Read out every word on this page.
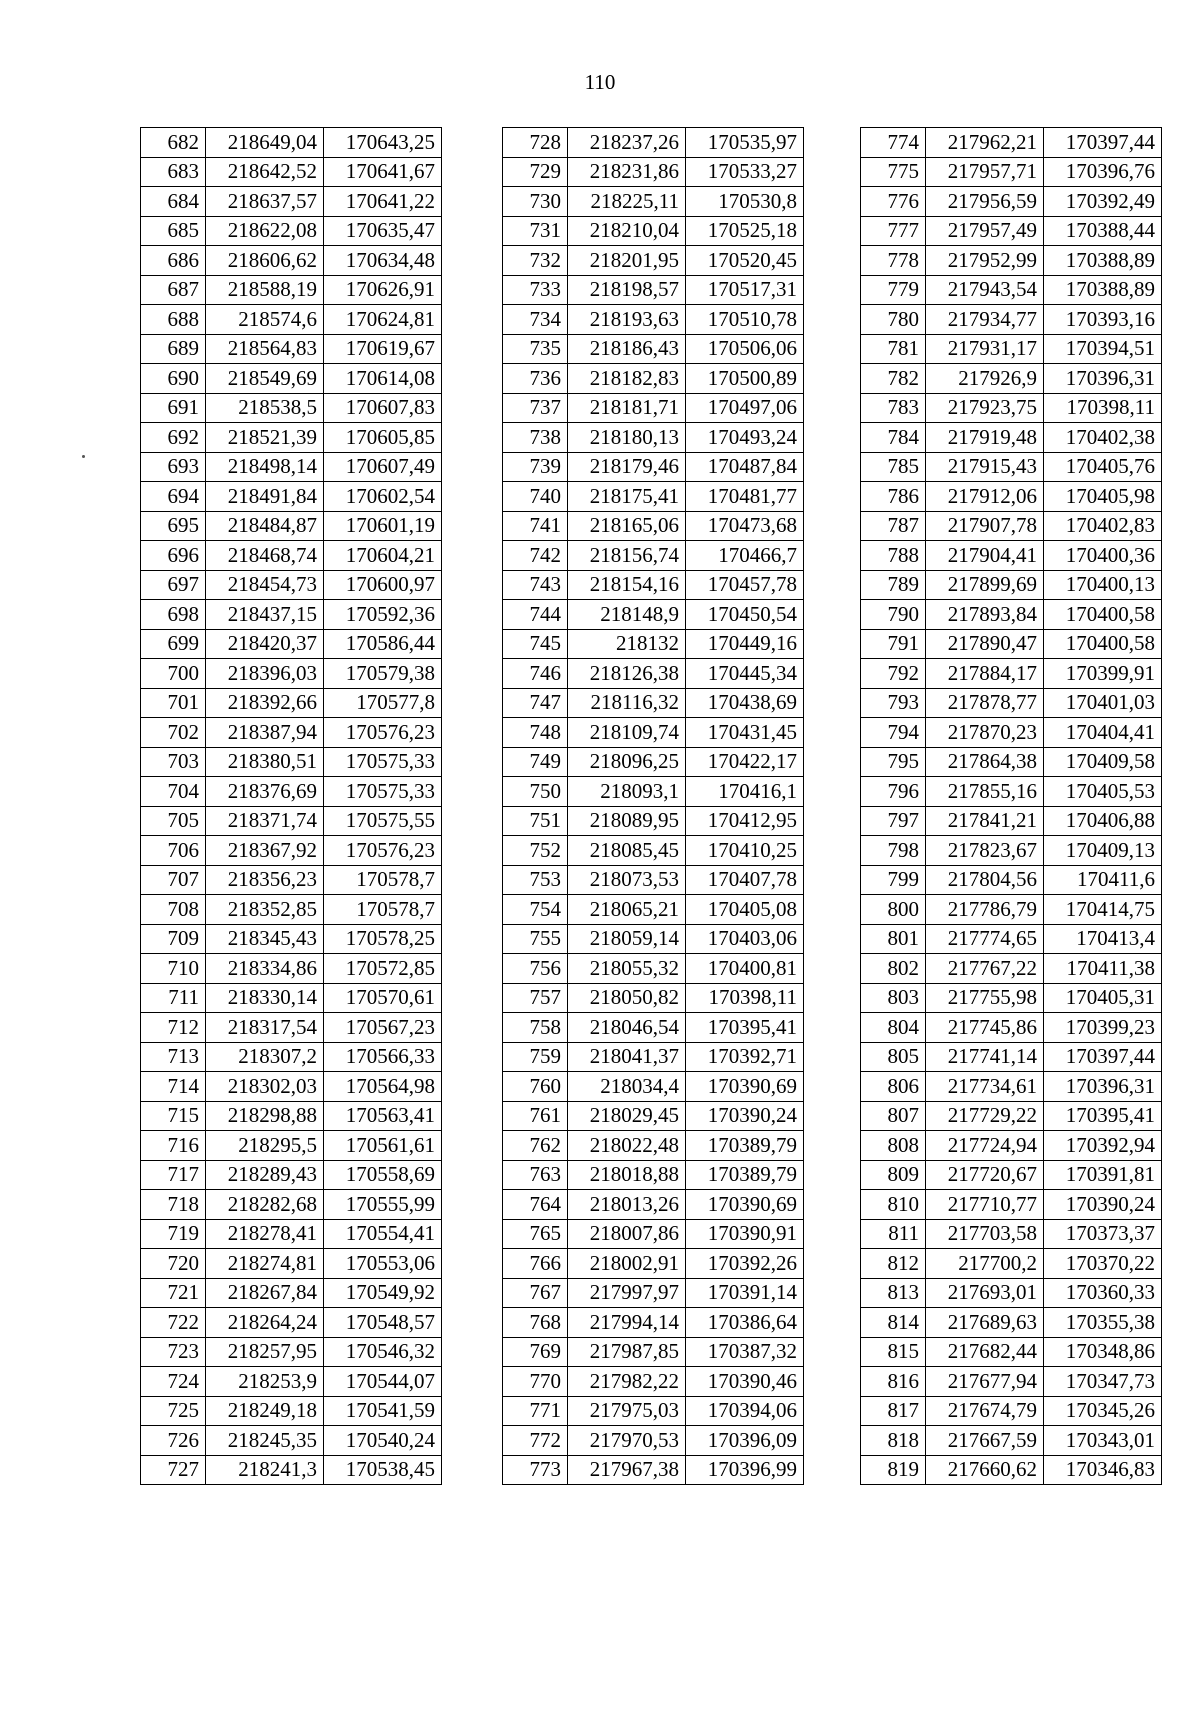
110
682	218649,04	170643,25
683	218642,52	170641,67
684	218637,57	170641,22
685	218622,08	170635,47
686	218606,62	170634,48
687	218588,19	170626,91
688	218574,6	170624,81
689	218564,83	170619,67
690	218549,69	170614,08
691	218538,5	170607,83
692	218521,39	170605,85
693	218498,14	170607,49
694	218491,84	170602,54
695	218484,87	170601,19
696	218468,74	170604,21
697	218454,73	170600,97
698	218437,15	170592,36
699	218420,37	170586,44
700	218396,03	170579,38
701	218392,66	170577,8
702	218387,94	170576,23
703	218380,51	170575,33
704	218376,69	170575,33
705	218371,74	170575,55
706	218367,92	170576,23
707	218356,23	170578,7
708	218352,85	170578,7
709	218345,43	170578,25
710	218334,86	170572,85
711	218330,14	170570,61
712	218317,54	170567,23
713	218307,2	170566,33
714	218302,03	170564,98
715	218298,88	170563,41
716	218295,5	170561,61
717	218289,43	170558,69
718	218282,68	170555,99
719	218278,41	170554,41
720	218274,81	170553,06
721	218267,84	170549,92
722	218264,24	170548,57
723	218257,95	170546,32
724	218253,9	170544,07
725	218249,18	170541,59
726	218245,35	170540,24
727	218241,3	170538,45
728	218237,26	170535,97
729	218231,86	170533,27
730	218225,11	170530,8
731	218210,04	170525,18
732	218201,95	170520,45
733	218198,57	170517,31
734	218193,63	170510,78
735	218186,43	170506,06
736	218182,83	170500,89
737	218181,71	170497,06
738	218180,13	170493,24
739	218179,46	170487,84
740	218175,41	170481,77
741	218165,06	170473,68
742	218156,74	170466,7
743	218154,16	170457,78
744	218148,9	170450,54
745	218132	170449,16
746	218126,38	170445,34
747	218116,32	170438,69
748	218109,74	170431,45
749	218096,25	170422,17
750	218093,1	170416,1
751	218089,95	170412,95
752	218085,45	170410,25
753	218073,53	170407,78
754	218065,21	170405,08
755	218059,14	170403,06
756	218055,32	170400,81
757	218050,82	170398,11
758	218046,54	170395,41
759	218041,37	170392,71
760	218034,4	170390,69
761	218029,45	170390,24
762	218022,48	170389,79
763	218018,88	170389,79
764	218013,26	170390,69
765	218007,86	170390,91
766	218002,91	170392,26
767	217997,97	170391,14
768	217994,14	170386,64
769	217987,85	170387,32
770	217982,22	170390,46
771	217975,03	170394,06
772	217970,53	170396,09
773	217967,38	170396,99
774	217962,21	170397,44
775	217957,71	170396,76
776	217956,59	170392,49
777	217957,49	170388,44
778	217952,99	170388,89
779	217943,54	170388,89
780	217934,77	170393,16
781	217931,17	170394,51
782	217926,9	170396,31
783	217923,75	170398,11
784	217919,48	170402,38
785	217915,43	170405,76
786	217912,06	170405,98
787	217907,78	170402,83
788	217904,41	170400,36
789	217899,69	170400,13
790	217893,84	170400,58
791	217890,47	170400,58
792	217884,17	170399,91
793	217878,77	170401,03
794	217870,23	170404,41
795	217864,38	170409,58
796	217855,16	170405,53
797	217841,21	170406,88
798	217823,67	170409,13
799	217804,56	170411,6
800	217786,79	170414,75
801	217774,65	170413,4
802	217767,22	170411,38
803	217755,98	170405,31
804	217745,86	170399,23
805	217741,14	170397,44
806	217734,61	170396,31
807	217729,22	170395,41
808	217724,94	170392,94
809	217720,67	170391,81
810	217710,77	170390,24
811	217703,58	170373,37
812	217700,2	170370,22
813	217693,01	170360,33
814	217689,63	170355,38
815	217682,44	170348,86
816	217677,94	170347,73
817	217674,79	170345,26
818	217667,59	170343,01
819	217660,62	170346,83
